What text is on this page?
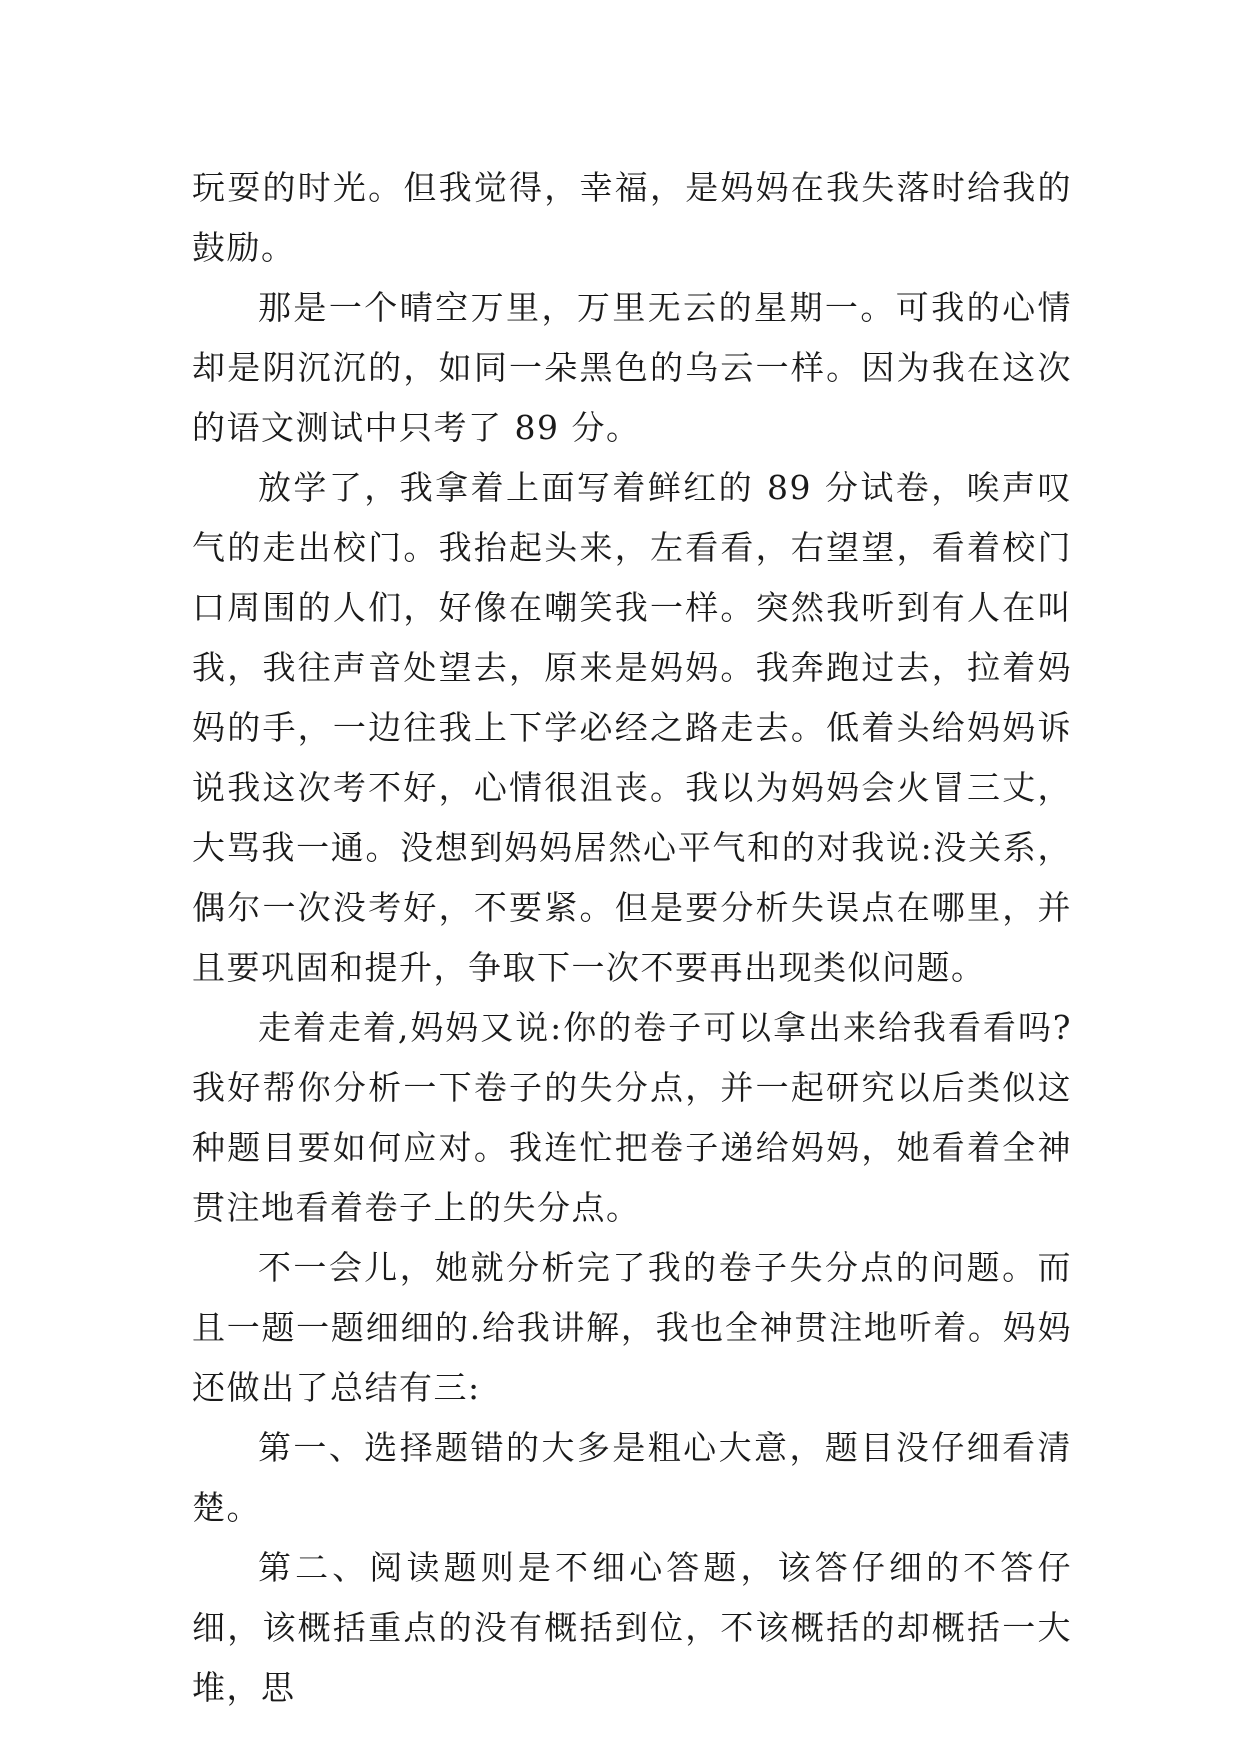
玩耍的时光。但我觉得，幸福，是妈妈在我失落时给我的鼓励。

那是一个晴空万里，万里无云的星期一。可我的心情却是阴沉沉的，如同一朵黑色的乌云一样。因为我在这次的语文测试中只考了 89 分。

放学了，我拿着上面写着鲜红的 89 分试卷，唉声叹气的走出校门。我抬起头来，左看看，右望望，看着校门口周围的人们，好像在嘲笑我一样。突然我听到有人在叫我，我往声音处望去，原来是妈妈。我奔跑过去，拉着妈妈的手，一边往我上下学必经之路走去。低着头给妈妈诉说我这次考不好，心情很沮丧。我以为妈妈会火冒三丈，大骂我一通。没想到妈妈居然心平气和的对我说:没关系，偶尔一次没考好，不要紧。但是要分析失误点在哪里，并且要巩固和提升，争取下一次不要再出现类似问题。

走着走着,妈妈又说:你的卷子可以拿出来给我看看吗?我好帮你分析一下卷子的失分点，并一起研究以后类似这种题目要如何应对。我连忙把卷子递给妈妈，她看着全神贯注地看着卷子上的失分点。

不一会儿，她就分析完了我的卷子失分点的问题。而且一题一题细细的.给我讲解，我也全神贯注地听着。妈妈还做出了总结有三:

第一、选择题错的大多是粗心大意，题目没仔细看清楚。

第二、阅读题则是不细心答题，该答仔细的不答仔细，该概括重点的没有概括到位，不该概括的却概括一大堆，思
